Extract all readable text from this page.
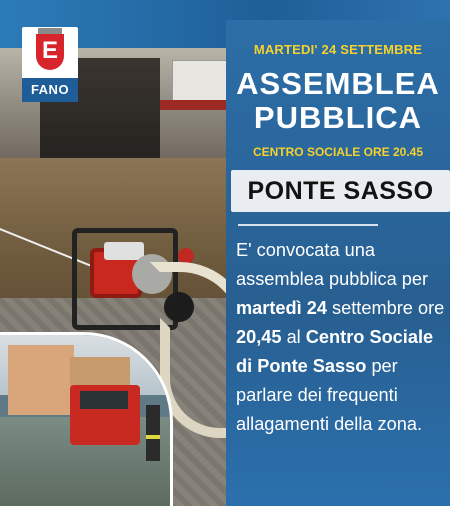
E
FANO
MARTEDI' 24 SETTEMBRE
ASSEMBLEA
PUBBLICA
CENTRO SOCIALE ORE 20.45
PONTE SASSO

E' convocata una assemblea pubblica per martedì 24 settembre ore 20,45 al Centro Sociale di Ponte Sasso per parlare dei frequenti allagamenti della zona.
